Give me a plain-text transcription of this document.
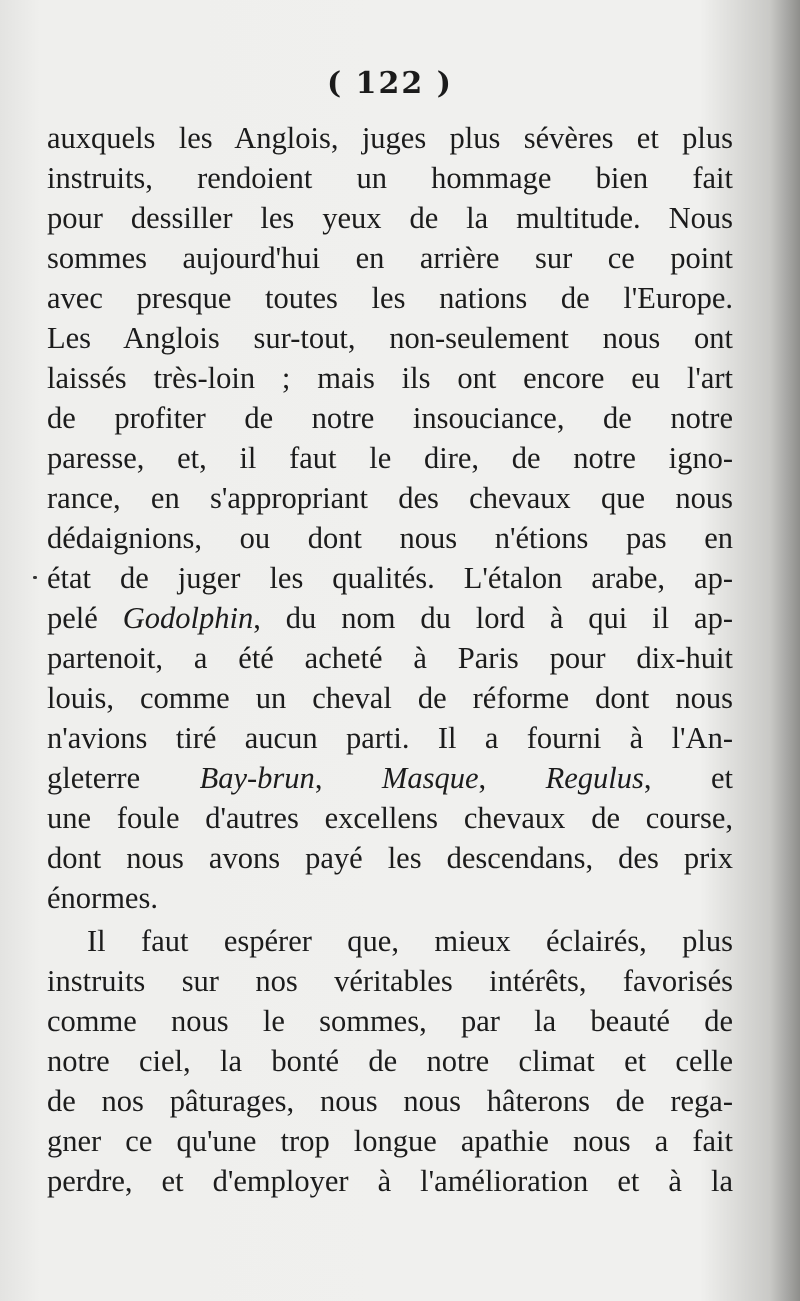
( 122 )
auxquels les Anglois, juges plus sévères et plus
instruits, rendoient un hommage bien fait
pour dessiller les yeux de la multitude. Nous
sommes aujourd'hui en arrière sur ce point
avec presque toutes les nations de l'Europe.
Les Anglois sur-tout, non-seulement nous ont
laissés très-loin ; mais ils ont encore eu l'art
de profiter de notre insouciance, de notre
paresse, et, il faut le dire, de notre igno-
rance, en s'appropriant des chevaux que nous
dédaignions, ou dont nous n'étions pas en
état de juger les qualités. L'étalon arabe, ap-
pelé Godolphin, du nom du lord à qui il ap-
partenoit, a été acheté à Paris pour dix-huit
louis, comme un cheval de réforme dont nous
n'avions tiré aucun parti. Il a fourni à l'An-
gleterre Bay-brun, Masque, Regulus, et
une foule d'autres excellens chevaux de course,
dont nous avons payé les descendans, des prix
énormes.
Il faut espérer que, mieux éclairés, plus
instruits sur nos véritables intérêts, favorisés
comme nous le sommes, par la beauté de
notre ciel, la bonté de notre climat et celle
de nos pâturages, nous nous hâterons de rega-
gner ce qu'une trop longue apathie nous a fait
perdre, et d'employer à l'amélioration et à la
